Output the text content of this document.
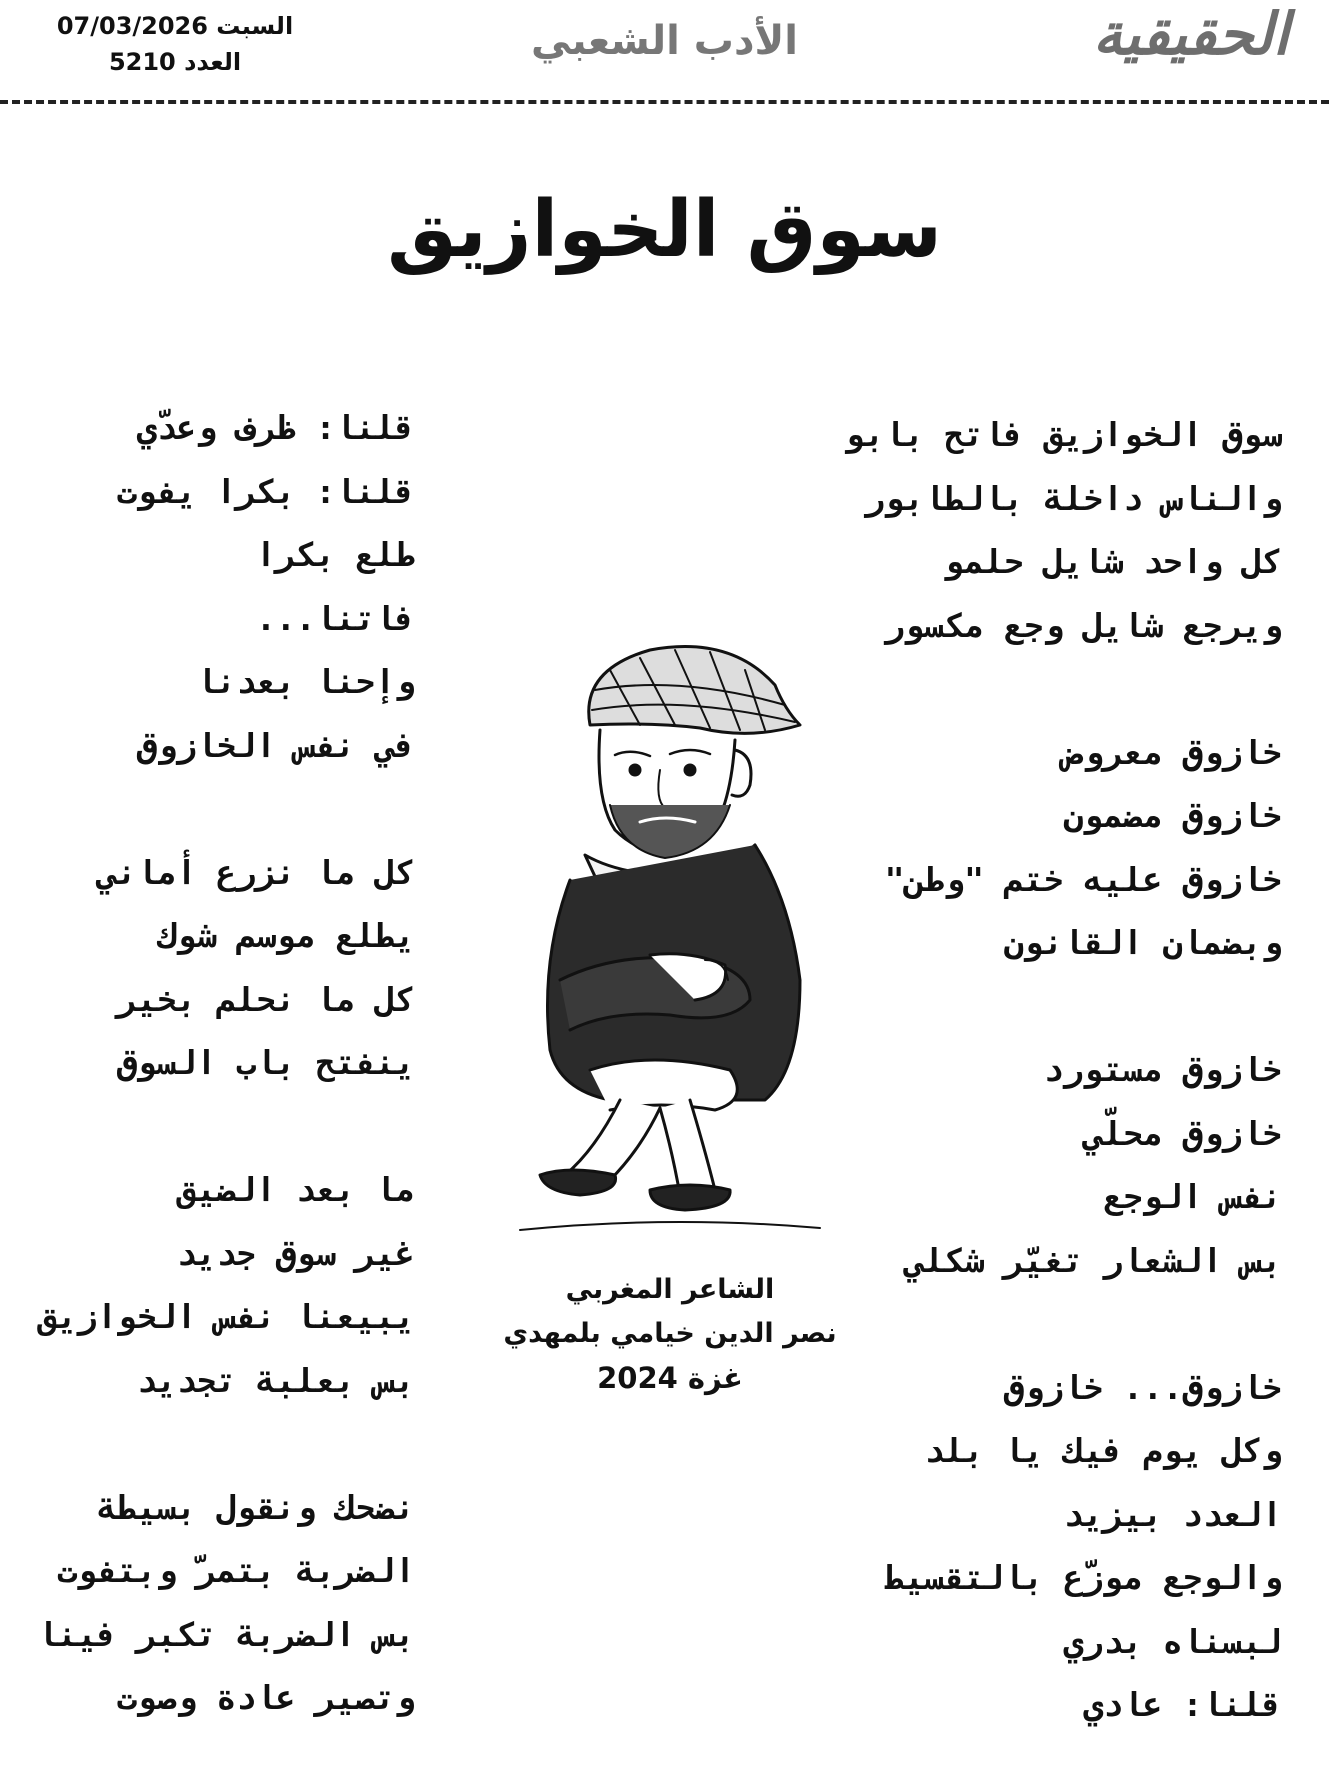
الحقيقية
الأدب الشعبي
السبت 07/03/2026
العدد 5210
سوق الخوازيق
سوق الخوازيق فاتح بابو
والناس داخلة بالطابور
كل واحد شايل حلمو
ويرجع شايل وجع مكسور
خازوق معروض
خازوق مضمون
خازوق عليه ختم "وطن"
وبضمان القانون
خازوق مستورد
خازوق محلّي
نفس الوجع
بس الشعار تغيّر شكلي
خازوق... خازوق
وكل يوم فيك يا بلد
العدد بيزيد
والوجع موزّع بالتقسيط
لبسناه بدري
قلنا: عادي
قلنا: ظرف وعدّي
قلنا: بكرا يفوت
طلع بكرا
فاتنا...
وإحنا بعدنا
في نفس الخازوق
كل ما نزرع أماني
يطلع موسم شوك
كل ما نحلم بخير
ينفتح باب السوق
ما بعد الضيق
غير سوق جديد
يبيعنا نفس الخوازيق
بس بعلبة تجديد
نضحك ونقول بسيطة
الضربة بتمرّ وبتفوت
بس الضربة تكبر فينا
وتصير عادة وصوت
الشاعر المغربي
نصر الدين خيامي بلمهدي
غزة 2024
